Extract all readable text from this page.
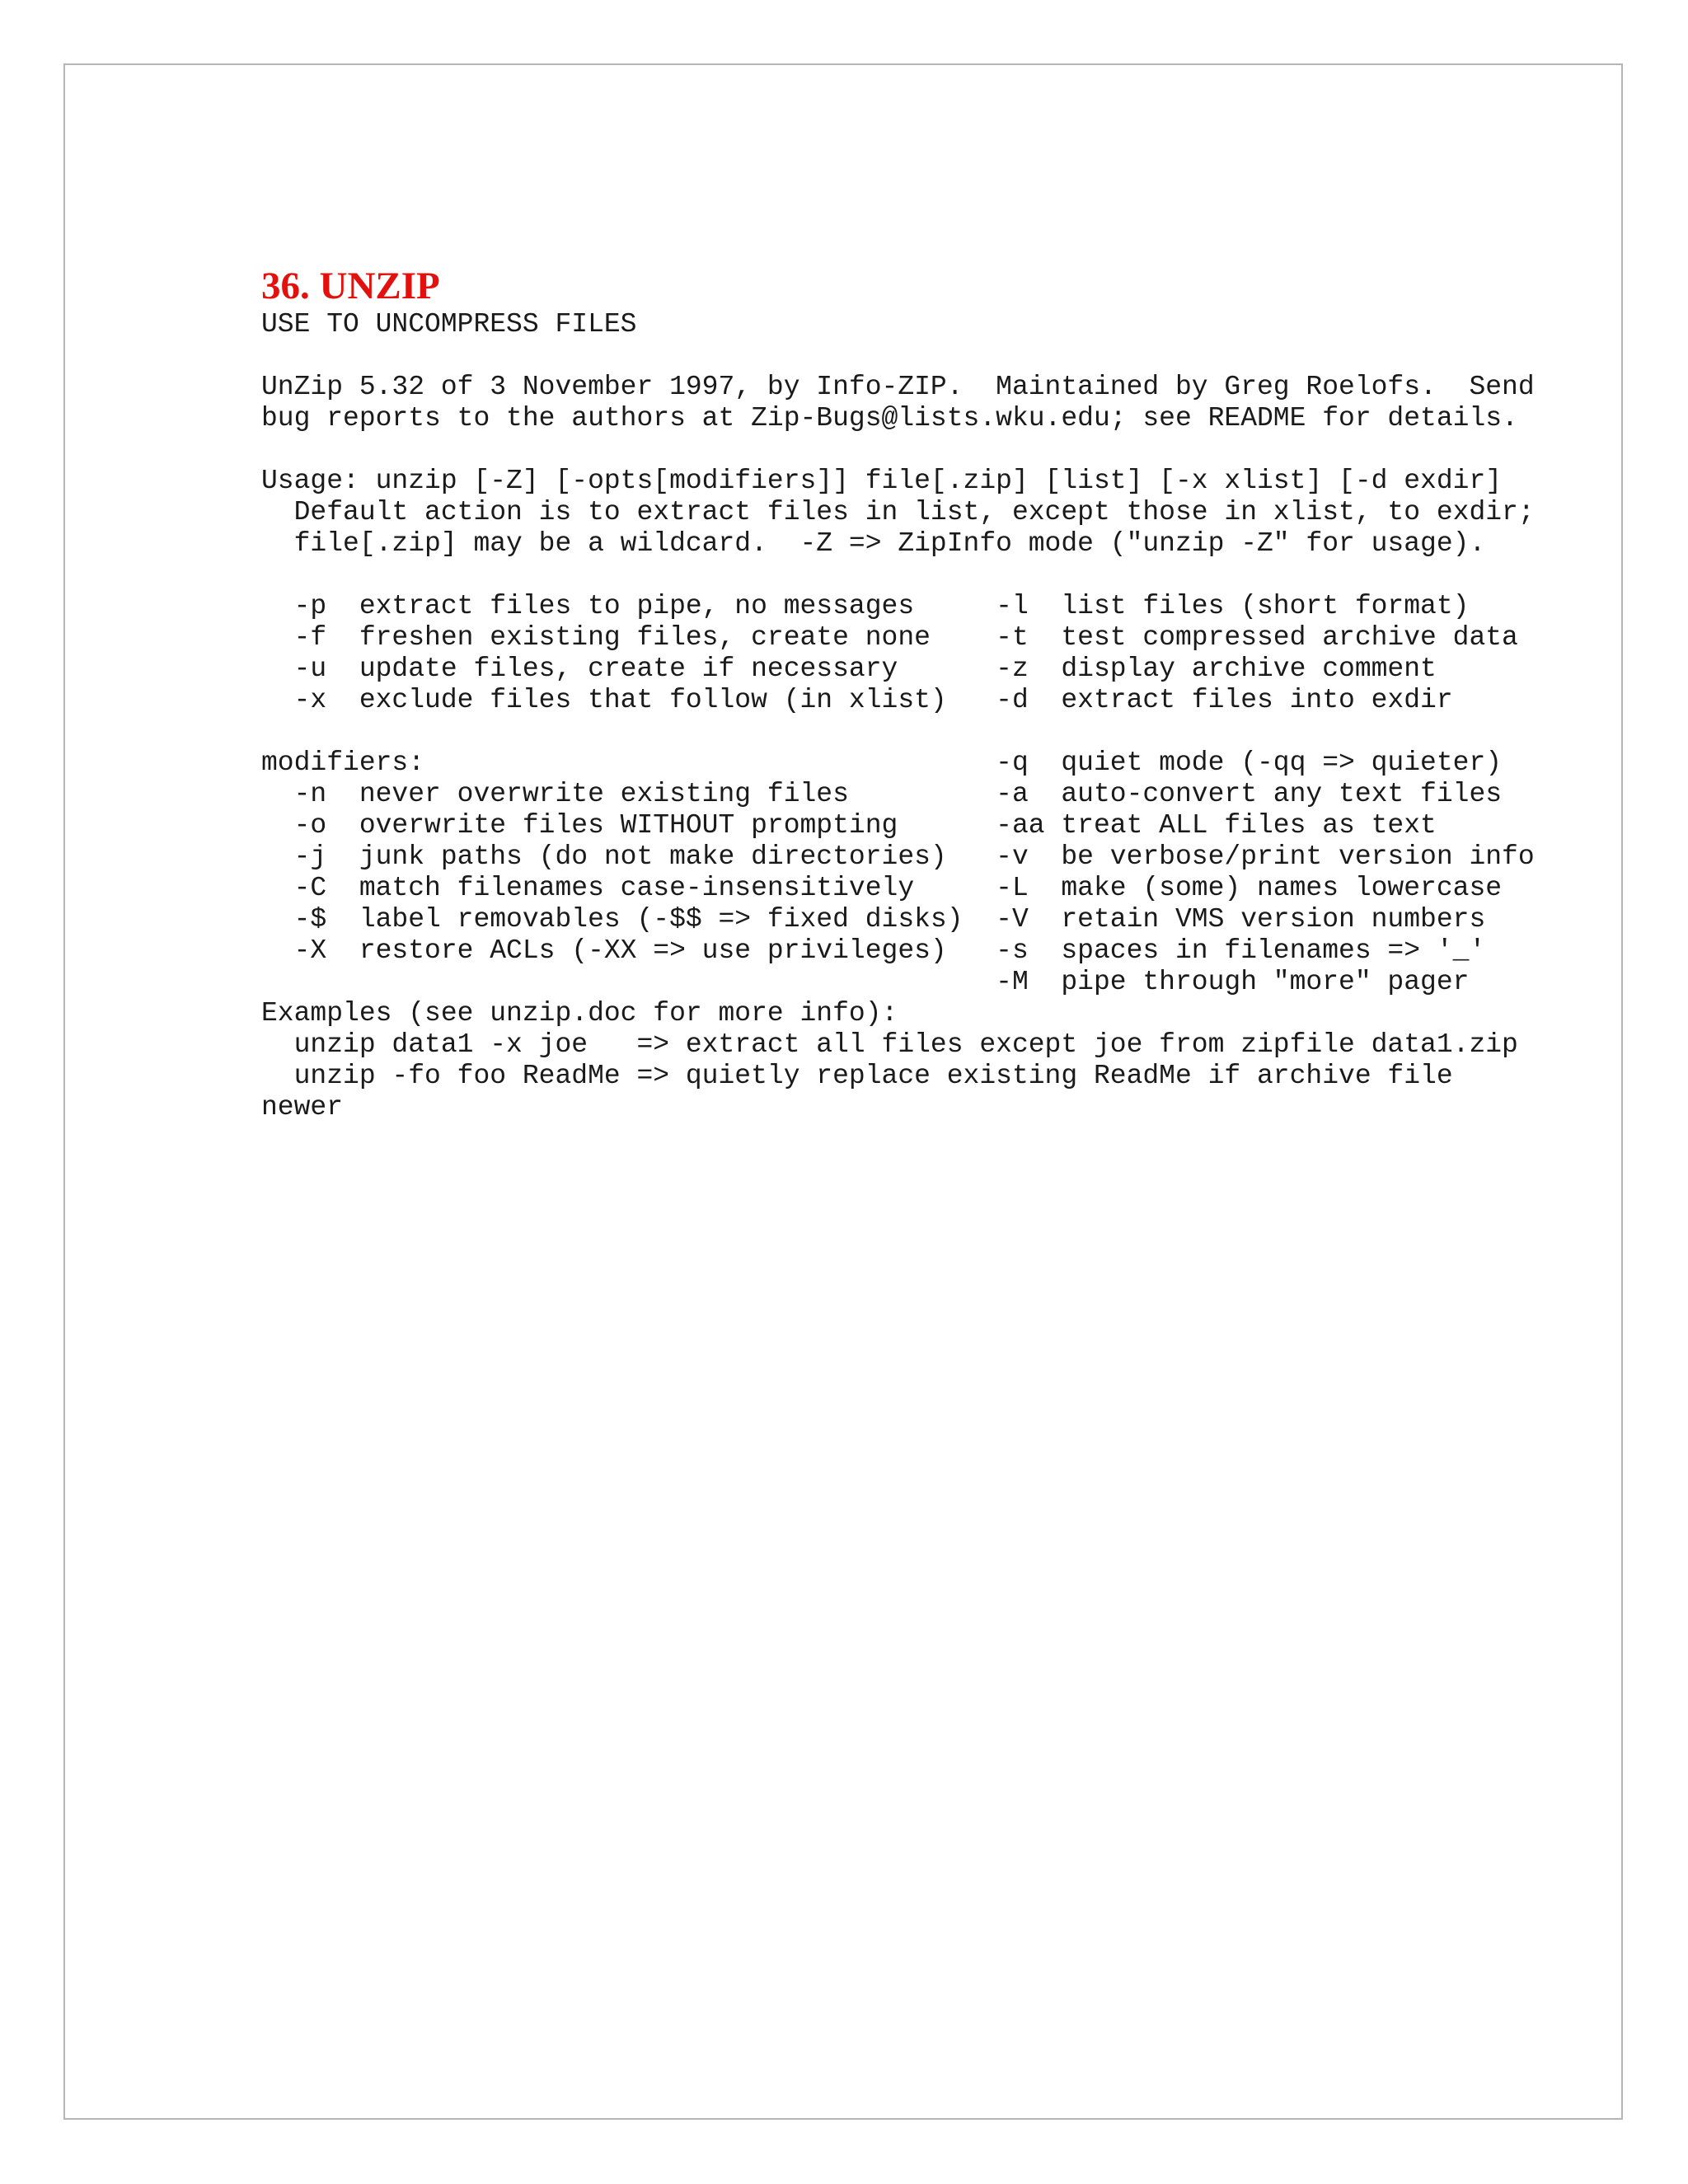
36. UNZIP
USE TO UNCOMPRESS FILES
UnZip 5.32 of 3 November 1997, by Info-ZIP.  Maintained by Greg Roelofs.  Send
bug reports to the authors at Zip-Bugs@lists.wku.edu; see README for details.
Usage: unzip [-Z] [-opts[modifiers]] file[.zip] [list] [-x xlist] [-d exdir]
Default action is to extract files in list, except those in xlist, to exdir;
file[.zip] may be a wildcard.  -Z => ZipInfo mode ("unzip -Z" for usage).
-p  extract files to pipe, no messages     -l  list files (short format)
-f  freshen existing files, create none    -t  test compressed archive data
-u  update files, create if necessary      -z  display archive comment
-x  exclude files that follow (in xlist)   -d  extract files into exdir
modifiers:                                   -q  quiet mode (-qq => quieter)
-n  never overwrite existing files         -a  auto-convert any text files
-o  overwrite files WITHOUT prompting      -aa treat ALL files as text
-j  junk paths (do not make directories)   -v  be verbose/print version info
-C  match filenames case-insensitively     -L  make (some) names lowercase
-$  label removables (-$$ => fixed disks)  -V  retain VMS version numbers
-X  restore ACLs (-XX => use privileges)   -s  spaces in filenames => '_'
-M  pipe through "more" pager
Examples (see unzip.doc for more info):
unzip data1 -x joe   => extract all files except joe from zipfile data1.zip
unzip -fo foo ReadMe => quietly replace existing ReadMe if archive file
newer
